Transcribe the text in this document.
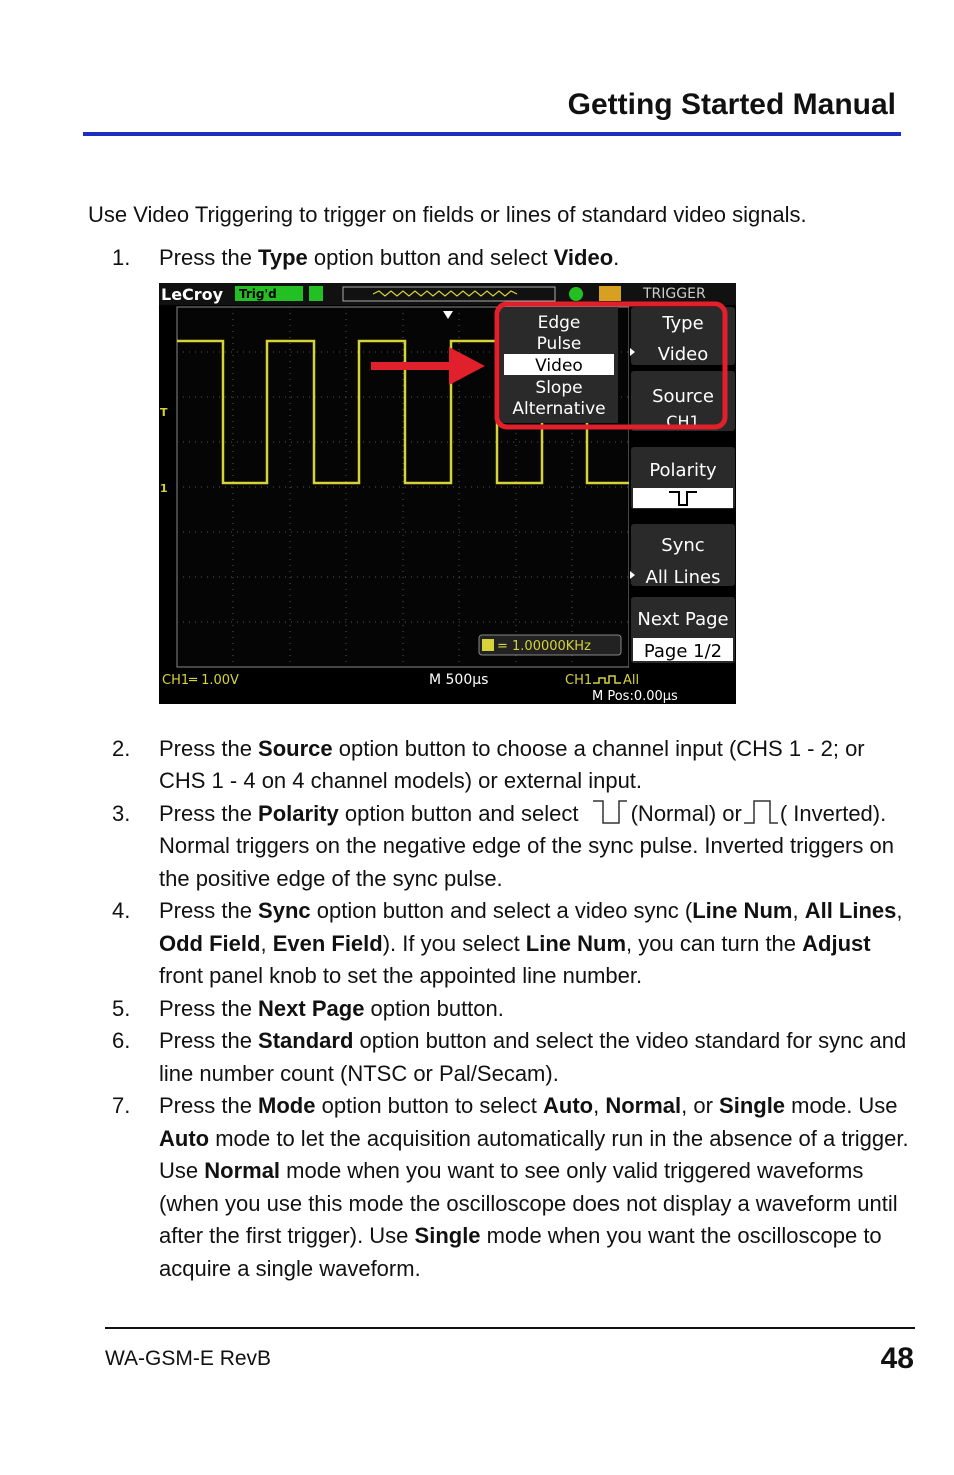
Getting Started Manual
Use Video Triggering to trigger on fields or lines of standard video signals.
1. Press the Type option button and select Video.
2. Press the Source option button to choose a channel input (CHS 1 - 2; or CHS 1 - 4 on 4 channel models) or external input.
3. Press the Polarity option button and select (Normal) or ( Inverted). Normal triggers on the negative edge of the sync pulse. Inverted triggers on the positive edge of the sync pulse.
4. Press the Sync option button and select a video sync (Line Num, All Lines, Odd Field, Even Field). If you select Line Num, you can turn the Adjust front panel knob to set the appointed line number.
5. Press the Next Page option button.
6. Press the Standard option button and select the video standard for sync and line number count (NTSC or Pal/Secam).
7. Press the Mode option button to select Auto, Normal, or Single mode. Use Auto mode to let the acquisition automatically run in the absence of a trigger. Use Normal mode when you want to see only valid triggered waveforms (when you use this mode the oscilloscope does not display a waveform until after the first trigger). Use Single mode when you want the oscilloscope to acquire a single waveform.
LeCroy Trig'd	TRIGGER
T
1
Edge
Pulse
Video
Slope
Alternative
Type
Video
Source
CH1
Polarity
Sync
All Lines
Next Page
Page 1/2
= 1.00000KHz
CH1═ 1.00V	M 500μs	CH1 All
M Pos:0.00μs
WA-GSM-E RevB	48
